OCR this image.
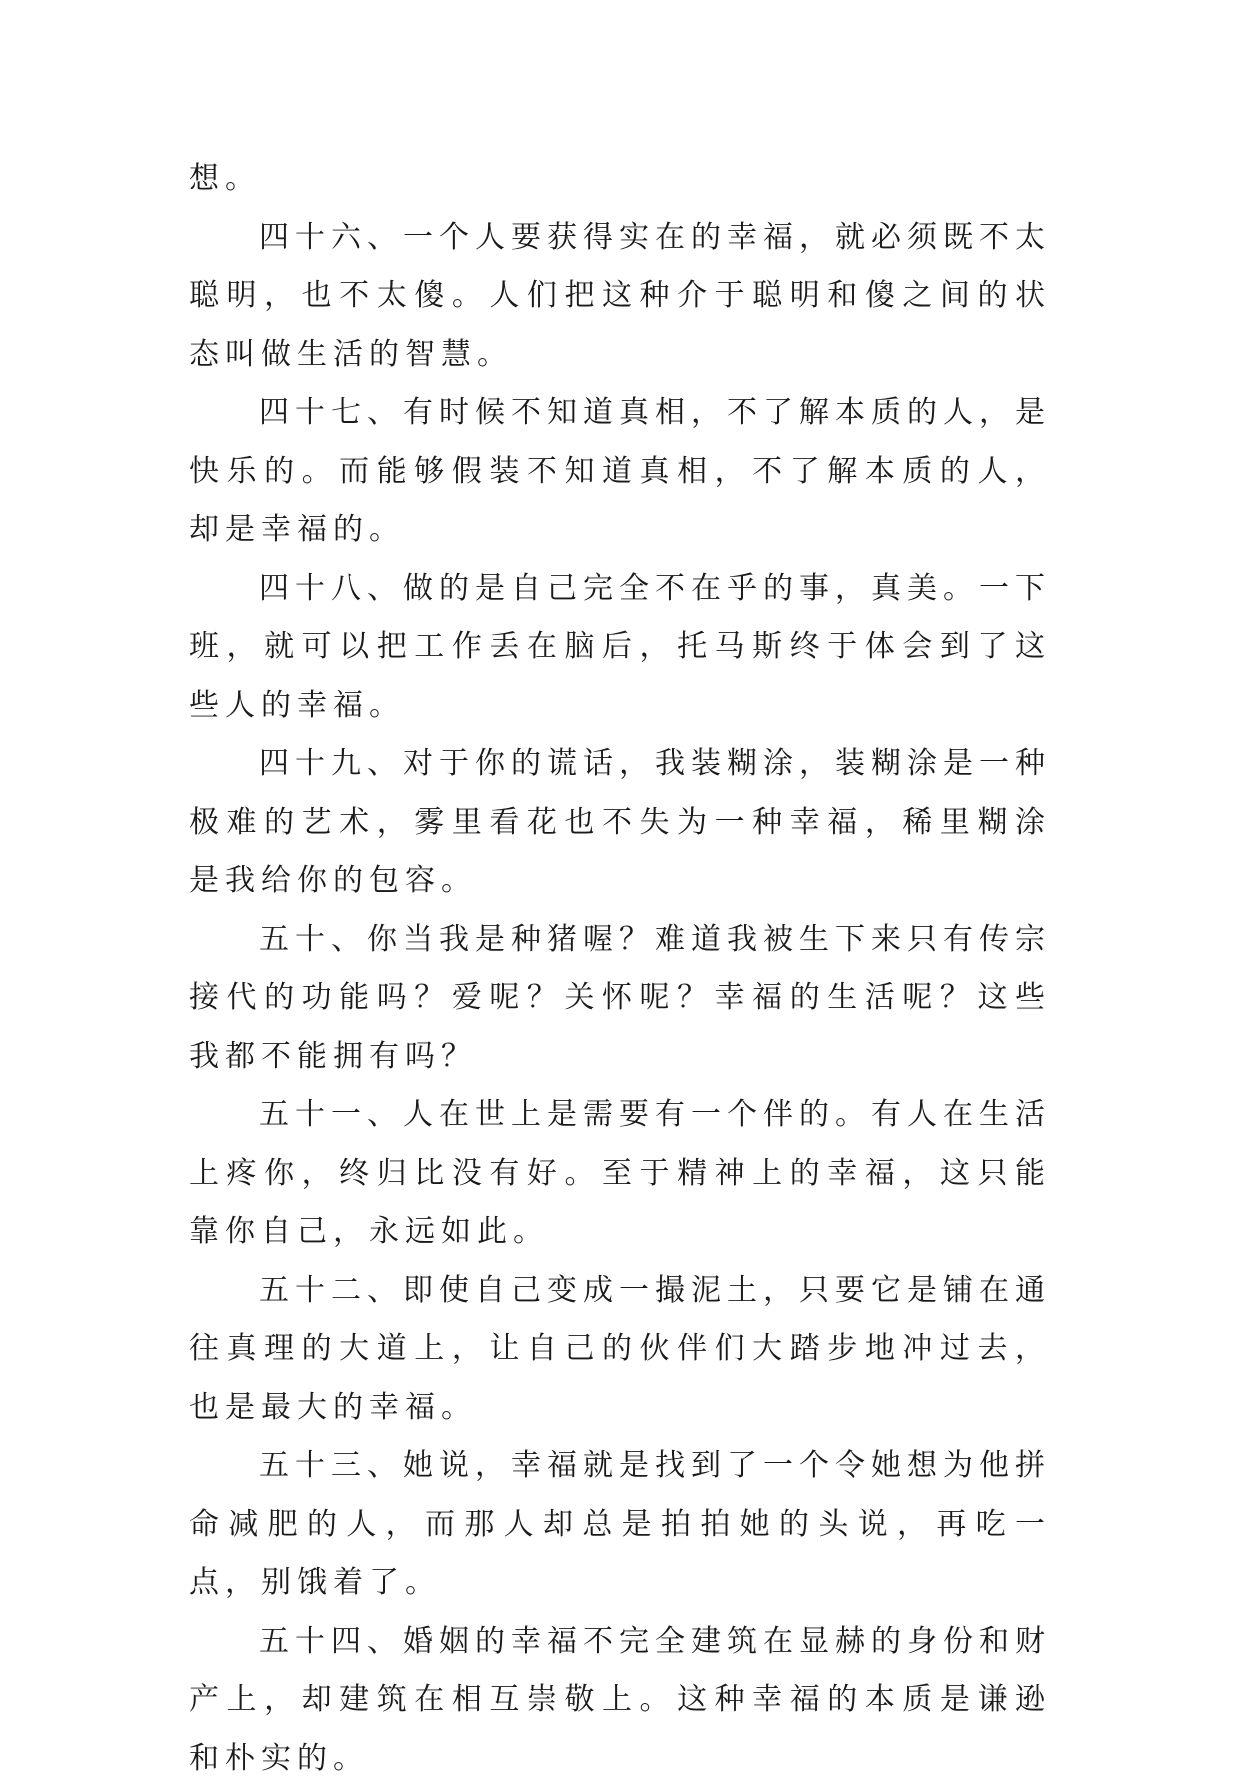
想。

四十六、一个人要获得实在的幸福，就必须既不太聪明，也不太傻。人们把这种介于聪明和傻之间的状态叫做生活的智慧。

四十七、有时候不知道真相，不了解本质的人，是快乐的。而能够假装不知道真相，不了解本质的人，却是幸福的。

四十八、做的是自己完全不在乎的事，真美。一下班，就可以把工作丢在脑后，托马斯终于体会到了这些人的幸福。

四十九、对于你的谎话，我装糊涂，装糊涂是一种极难的艺术，雾里看花也不失为一种幸福，稀里糊涂是我给你的包容。

五十、你当我是种猪喔？难道我被生下来只有传宗接代的功能吗？爱呢？关怀呢？幸福的生活呢？这些我都不能拥有吗？

五十一、人在世上是需要有一个伴的。有人在生活上疼你，终归比没有好。至于精神上的幸福，这只能靠你自己，永远如此。

五十二、即使自己变成一撮泥土，只要它是铺在通往真理的大道上，让自己的伙伴们大踏步地冲过去，也是最大的幸福。

五十三、她说，幸福就是找到了一个令她想为他拼命减肥的人，而那人却总是拍拍她的头说，再吃一点，别饿着了。

五十四、婚姻的幸福不完全建筑在显赫的身份和财产上，却建筑在相互崇敬上。这种幸福的本质是谦逊和朴实的。
